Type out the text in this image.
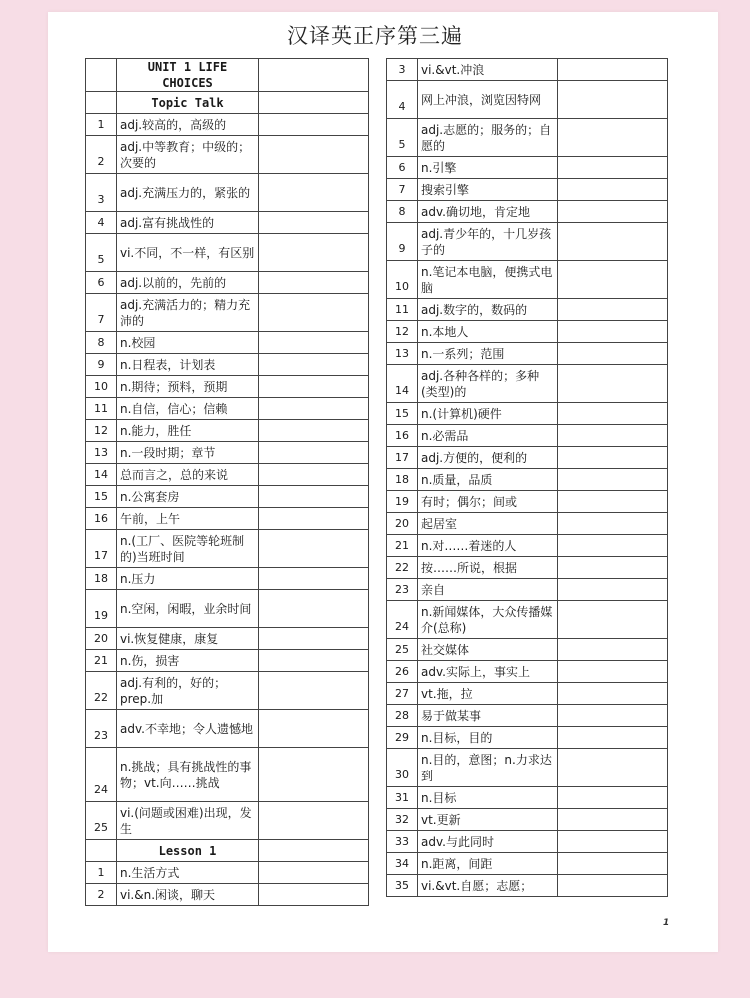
汉译英正序第三遍
	UNIT 1 LIFE CHOICES	
	Topic Talk	
1	adj.较高的，高级的	
2	adj.中等教育；中级的；次要的	
3	adj.充满压力的，紧张的	
4	adj.富有挑战性的	
5	vi.不同，不一样，有区别	
6	adj.以前的，先前的	
7	adj.充满活力的；精力充沛的	
8	n.校园	
9	n.日程表，计划表	
10	n.期待；预料，预期	
11	n.自信，信心；信赖	
12	n.能力，胜任	
13	n.一段时期；章节	
14	总而言之，总的来说	
15	n.公寓套房	
16	午前，上午	
17	n.(工厂、医院等轮班制的)当班时间	
18	n.压力	
19	n.空闲，闲暇，业余时间	
20	vi.恢复健康，康复	
21	n.伤，损害	
22	adj.有利的，好的；prep.加	
23	adv.不幸地；令人遗憾地	
24	n.挑战；具有挑战性的事物；vt.向……挑战	
25	vi.(问题或困难)出现，发生	
	Lesson 1	
1	n.生活方式	
2	vi.&n.闲谈，聊天	
3	vi.&vt.冲浪	
4	网上冲浪，浏览因特网	
5	adj.志愿的；服务的；自愿的	
6	n.引擎	
7	搜索引擎	
8	adv.确切地，肯定地	
9	adj.青少年的，十几岁孩子的	
10	n.笔记本电脑，便携式电脑	
11	adj.数字的，数码的	
12	n.本地人	
13	n.一系列；范围	
14	adj.各种各样的；多种(类型)的	
15	n.(计算机)硬件	
16	n.必需品	
17	adj.方便的，便利的	
18	n.质量，品质	
19	有时；偶尔；间或	
20	起居室	
21	n.对……着迷的人	
22	按……所说，根据	
23	亲自	
24	n.新闻媒体，大众传播媒介(总称)	
25	社交媒体	
26	adv.实际上，事实上	
27	vt.拖，拉	
28	易于做某事	
29	n.目标，目的	
30	n.目的，意图；n.力求达到	
31	n.目标	
32	vt.更新	
33	adv.与此同时	
34	n.距离，间距	
35	vi.&vt.自愿；志愿；	
1
